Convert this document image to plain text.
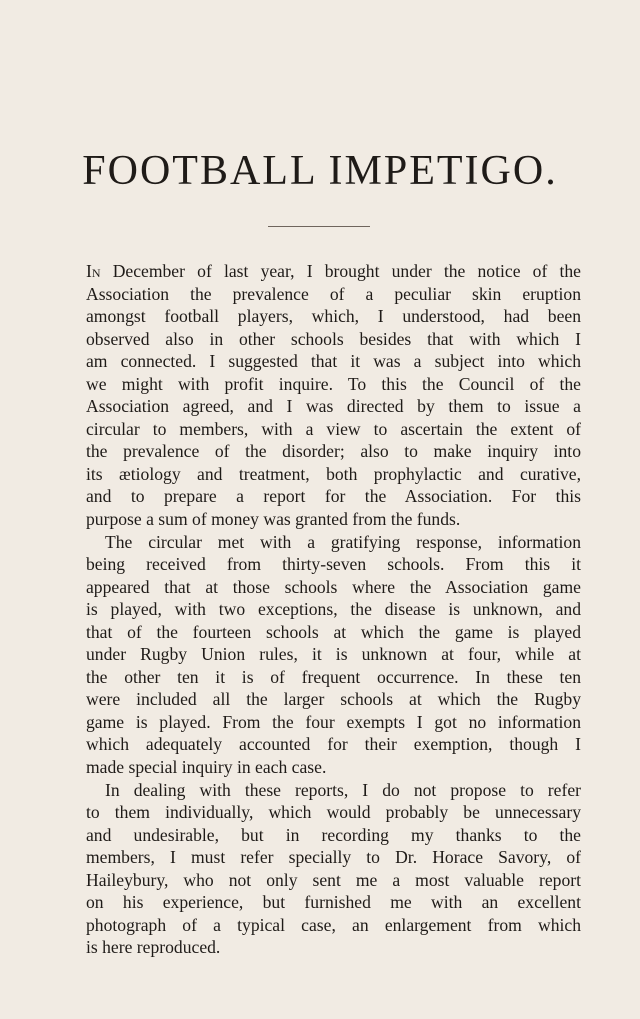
FOOTBALL IMPETIGO.
In December of last year, I brought under the notice of the
Association the prevalence of a peculiar skin eruption
amongst football players, which, I understood, had been
observed also in other schools besides that with which I
am connected. I suggested that it was a subject into which
we might with profit inquire. To this the Council of the
Association agreed, and I was directed by them to issue a
circular to members, with a view to ascertain the extent of
the prevalence of the disorder; also to make inquiry into
its ætiology and treatment, both prophylactic and curative,
and to prepare a report for the Association. For this
purpose a sum of money was granted from the funds.
The circular met with a gratifying response, information
being received from thirty-seven schools. From this it
appeared that at those schools where the Association game
is played, with two exceptions, the disease is unknown, and
that of the fourteen schools at which the game is played
under Rugby Union rules, it is unknown at four, while at
the other ten it is of frequent occurrence. In these ten
were included all the larger schools at which the Rugby
game is played. From the four exempts I got no information
which adequately accounted for their exemption, though I
made special inquiry in each case.
In dealing with these reports, I do not propose to refer
to them individually, which would probably be unnecessary
and undesirable, but in recording my thanks to the
members, I must refer specially to Dr. Horace Savory, of
Haileybury, who not only sent me a most valuable report
on his experience, but furnished me with an excellent
photograph of a typical case, an enlargement from which
is here reproduced.
